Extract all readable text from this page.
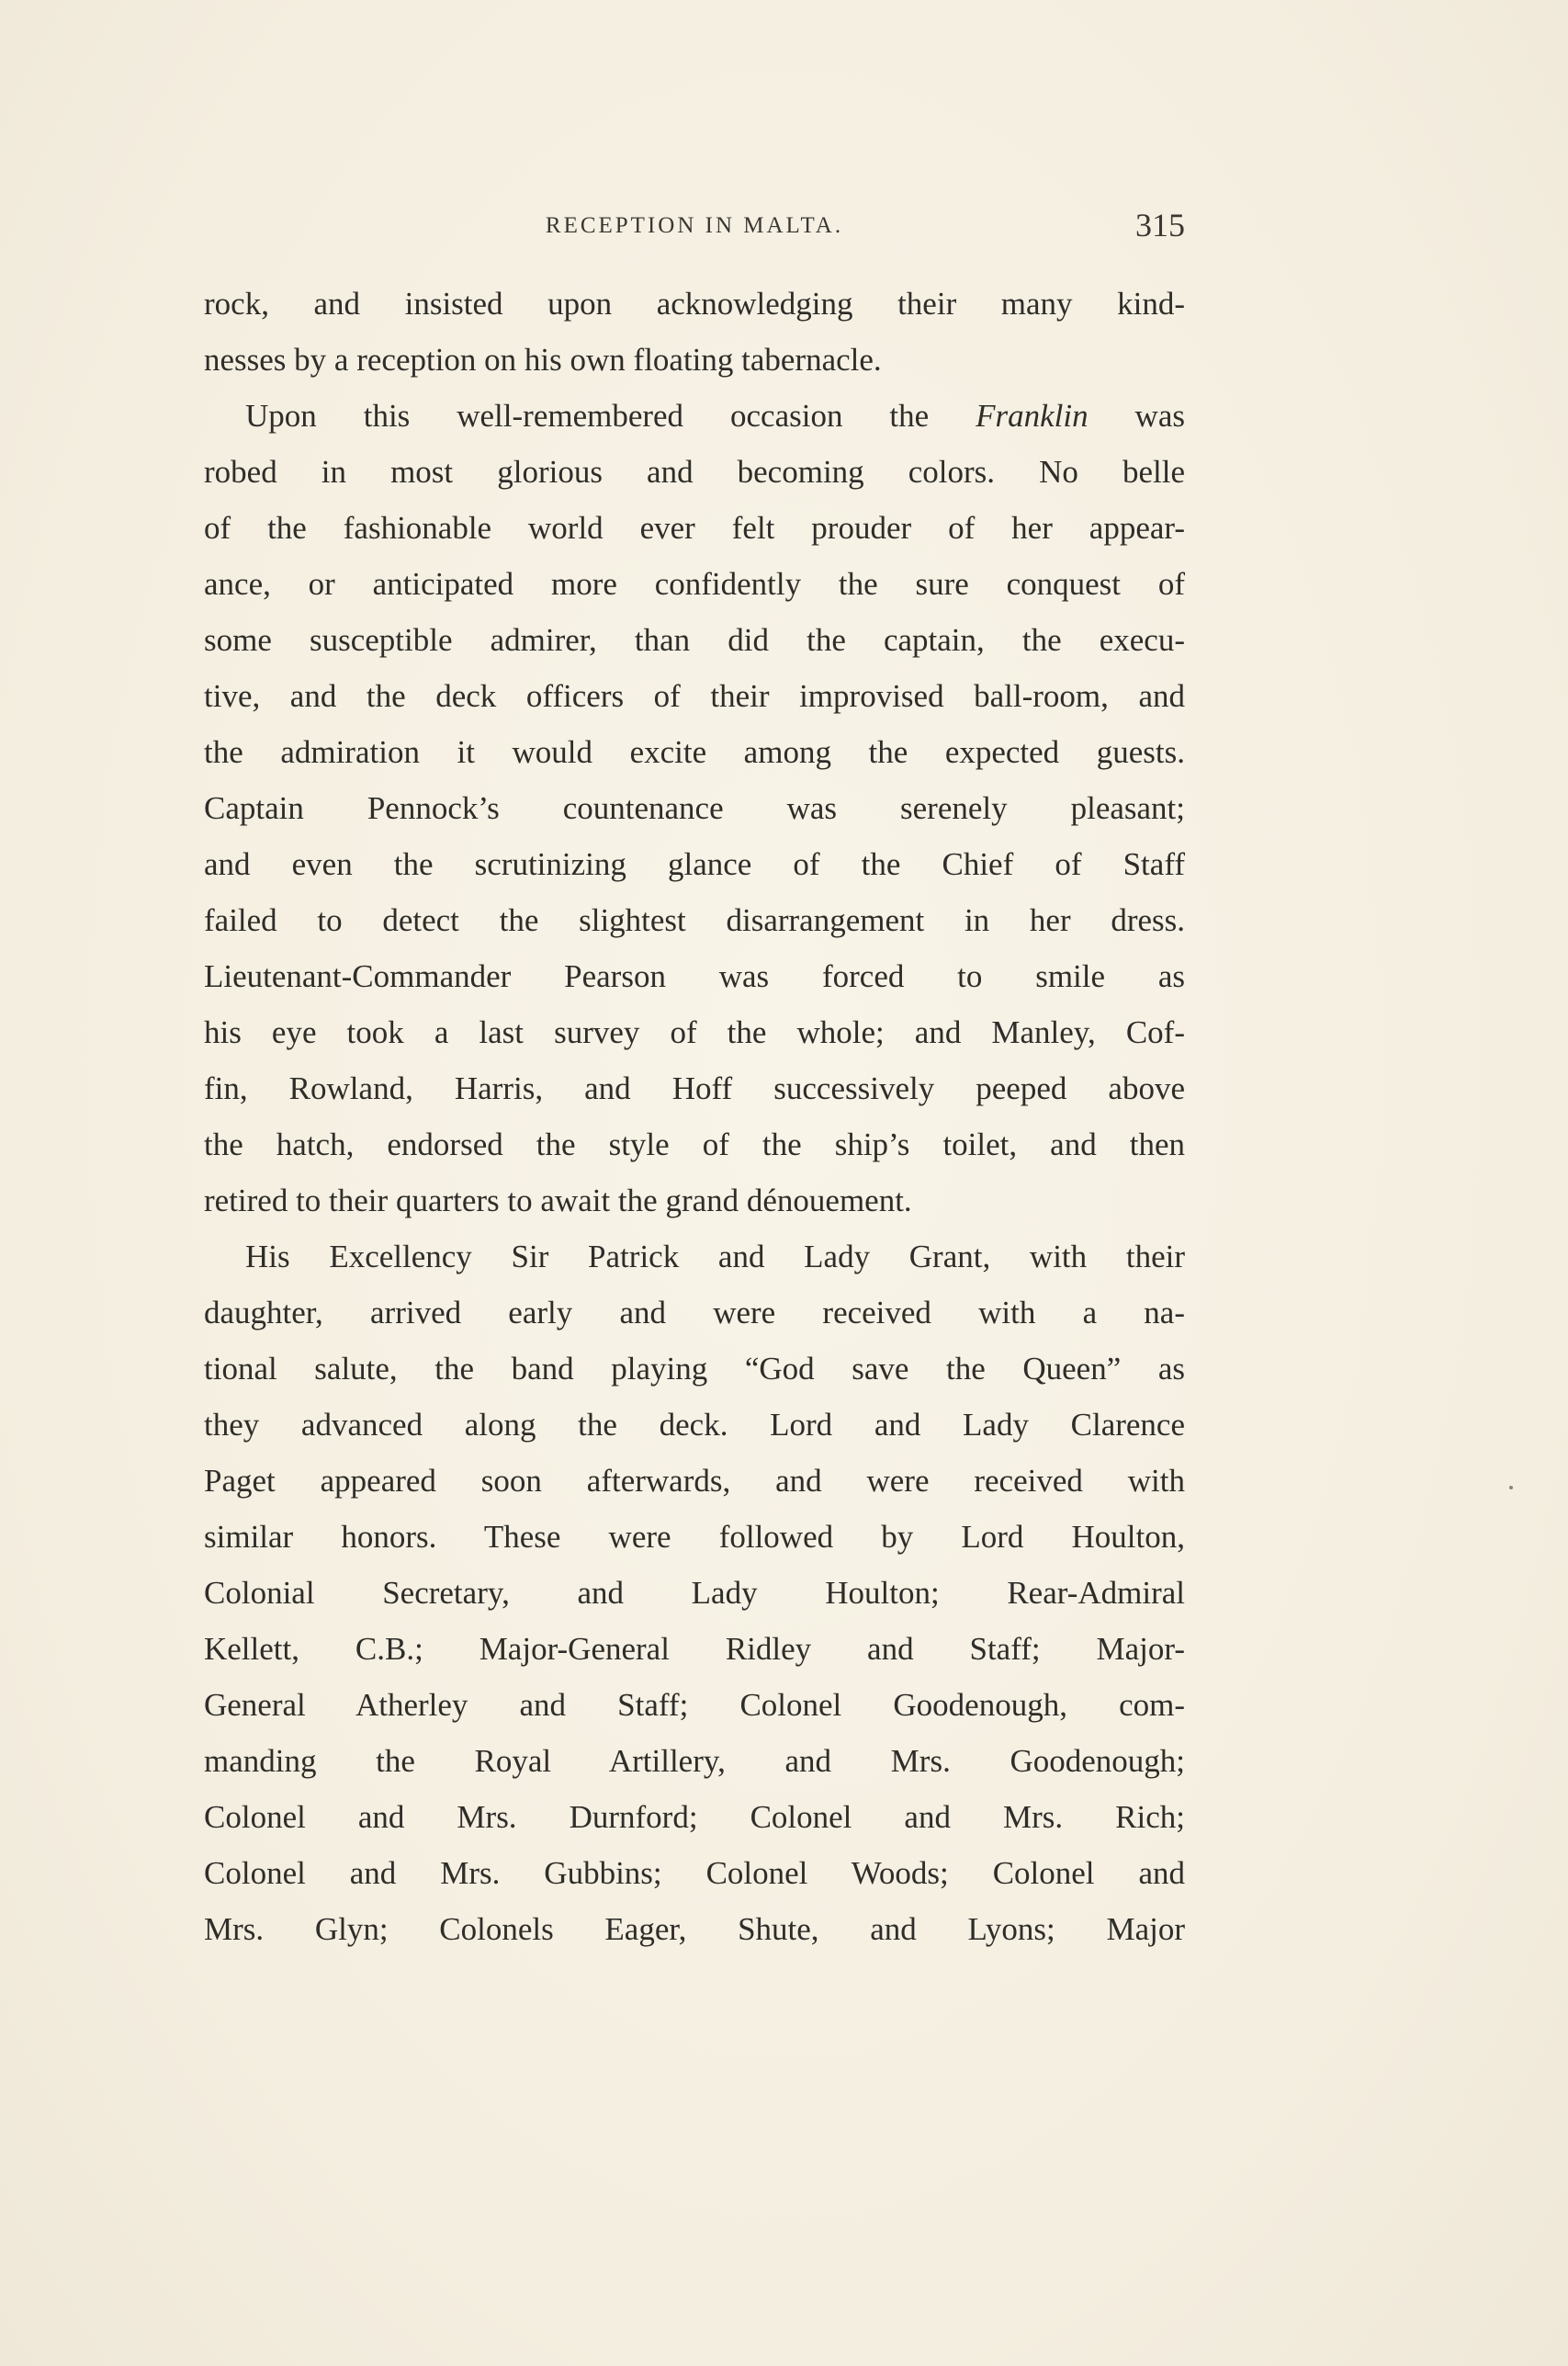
RECEPTION IN MALTA.	315
rock, and insisted upon acknowledging their many kind-
nesses by a reception on his own floating tabernacle.
Upon this well-remembered occasion the Franklin was
robed in most glorious and becoming colors. No belle
of the fashionable world ever felt prouder of her appear-
ance, or anticipated more confidently the sure conquest of
some susceptible admirer, than did the captain, the execu-
tive, and the deck officers of their improvised ball-room, and
the admiration it would excite among the expected guests.
Captain Pennock’s countenance was serenely pleasant;
and even the scrutinizing glance of the Chief of Staff
failed to detect the slightest disarrangement in her dress.
Lieutenant-Commander Pearson was forced to smile as
his eye took a last survey of the whole; and Manley, Cof-
fin, Rowland, Harris, and Hoff successively peeped above
the hatch, endorsed the style of the ship’s toilet, and then
retired to their quarters to await the grand dénouement.
His Excellency Sir Patrick and Lady Grant, with their
daughter, arrived early and were received with a na-
tional salute, the band playing “God save the Queen” as
they advanced along the deck. Lord and Lady Clarence
Paget appeared soon afterwards, and were received with
similar honors. These were followed by Lord Houlton,
Colonial Secretary, and Lady Houlton; Rear-Admiral
Kellett, C.B.; Major-General Ridley and Staff; Major-
General Atherley and Staff; Colonel Goodenough, com-
manding the Royal Artillery, and Mrs. Goodenough;
Colonel and Mrs. Durnford; Colonel and Mrs. Rich;
Colonel and Mrs. Gubbins; Colonel Woods; Colonel and
Mrs. Glyn; Colonels Eager, Shute, and Lyons; Major
